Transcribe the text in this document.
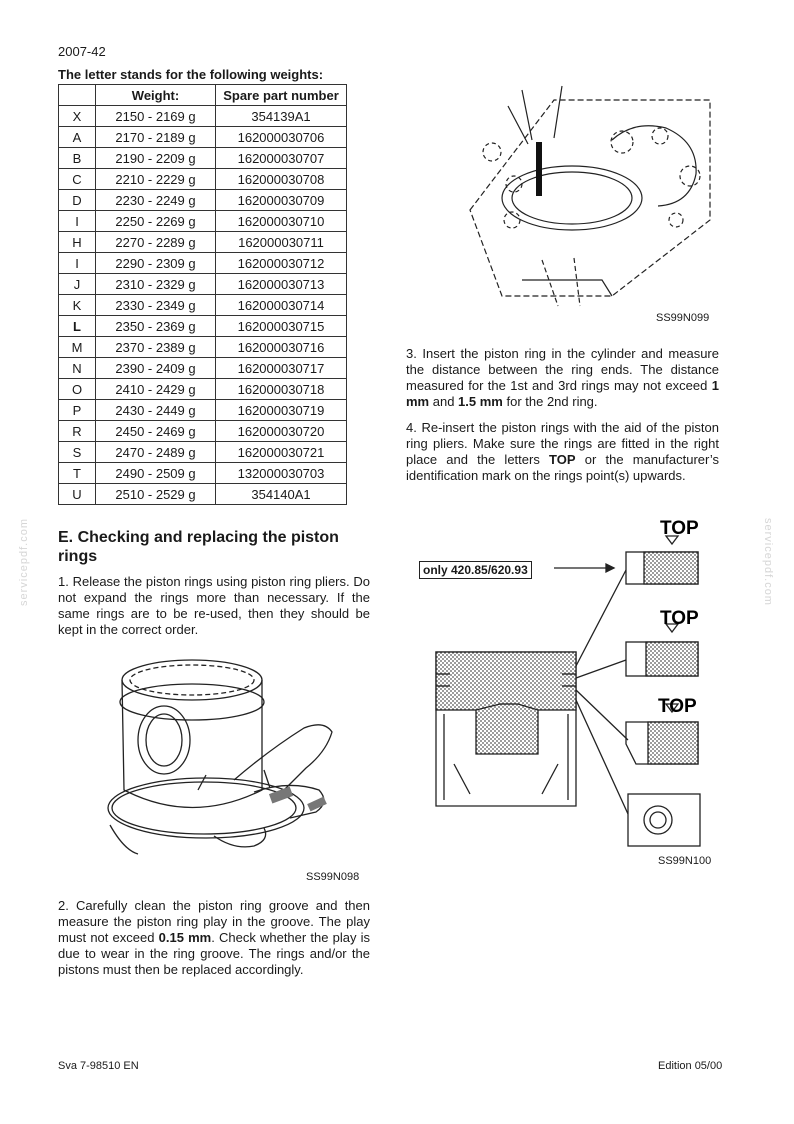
2007-42
The letter stands for the following weights:
	Weight:	Spare part number
X	2150 - 2169 g	354139A1
A	2170 - 2189 g	162000030706
B	2190 - 2209 g	162000030707
C	2210 - 2229 g	162000030708
D	2230 - 2249 g	162000030709
I	2250 - 2269 g	162000030710
H	2270 - 2289 g	162000030711
I	2290 - 2309 g	162000030712
J	2310 - 2329 g	162000030713
K	2330 - 2349 g	162000030714
L	2350 - 2369 g	162000030715
M	2370 - 2389 g	162000030716
N	2390 - 2409 g	162000030717
O	2410 - 2429 g	162000030718
P	2430 - 2449 g	162000030719
R	2450 - 2469 g	162000030720
S	2470 - 2489 g	162000030721
T	2490 - 2509 g	132000030703
U	2510 - 2529 g	354140A1
E. Checking and replacing the piston rings
1. Release the piston rings using piston ring pliers. Do not expand the rings more than necessary. If the same rings are to be re-used, then they should be kept in the correct order.
2. Carefully clean the piston ring groove and then measure the piston ring play in the groove. The play must not exceed 0.15 mm. Check whether the play is due to wear in the ring groove. The rings and/or the pistons must then be replaced accordingly.
3. Insert the piston ring in the cylinder and measure the distance between the ring ends. The distance measured for the 1st and 3rd rings may not exceed 1 mm and 1.5 mm for the 2nd ring.
4. Re-insert the piston rings with the aid of the piston ring pliers. Make sure the rings are fitted in the right place and the letters TOP or the manufacturer’s identification mark on the rings point(s) upwards.
SS99N098
SS99N099
TOP
TOP
TOP
only 420.85/620.93
SS99N100
servicepdf.com	servicepdf.com
Sva 7-98510 EN	Edition 05/00
